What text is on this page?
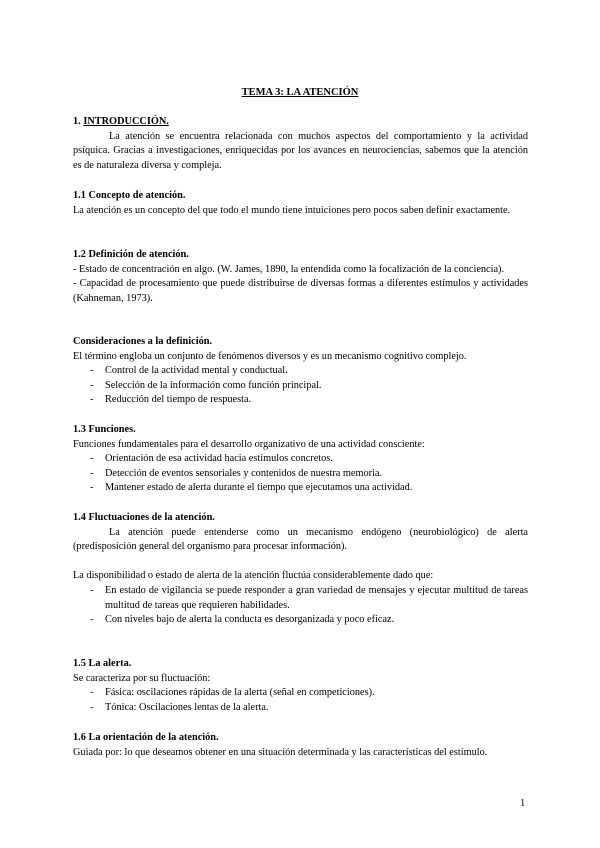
TEMA 3: LA ATENCIÓN
1. INTRODUCCIÓN.

La atención se encuentra relacionada con muchos aspectos del comportamiento y la actividad psíquica. Gracias a investigaciones, enriquecidas por los avances en neurociencias, sabemos que la atención es de naturaleza diversa y compleja.

1.1 Concepto de atención.

La atención es un concepto del que todo el mundo tiene intuiciones pero pocos saben definir exactamente.

1.2 Definición de atención.

- Estado de concentración en algo. (W. James, 1890, la entendida como la focalización de la conciencia).

- Capacidad de procesamiento que puede distribuirse de diversas formas a diferentes estímulos y actividades (Kahneman, 1973).

Consideraciones a la definición.

El término engloba un conjunto de fenómenos diversos y es un mecanismo cognitivo complejo.

- Control de la actividad mental y conductual.
- Selección de la información como función principal.
- Reducción del tiempo de respuesta.
1.3 Funciones.

Funciones fundamentales para el desarrollo organizativo de una actividad consciente:

- Orientación de esa actividad hacia estímulos concretos.
- Detección de eventos sensoriales y contenidos de nuestra memoria.
- Mantener estado de alerta durante el tiempo que ejecutamos una actividad.
1.4 Fluctuaciones de la atención.

La atención puede entenderse como un mecanismo endógeno (neurobiológico) de alerta (predisposición general del organismo para procesar información).

La disponibilidad o estado de alerta de la atención fluctúa considerablemente dado que:

- En estado de vigilancia se puede responder a gran variedad de mensajes y ejecutar multitud de tareas multitud de tareas que requieren habilidades.
- Con niveles bajo de alerta la conducta es desorganizada y poco eficaz.
1.5 La alerta.

Se caracteriza por su fluctuación:

- Fásica: oscilaciones rápidas de la alerta (señal en competiciones).
- Tónica: Oscilaciones lentas de la alerta.
1.6 La orientación de la atención.

Guiada por: lo que deseamos obtener en una situación determinada y las características del estímulo.

1
